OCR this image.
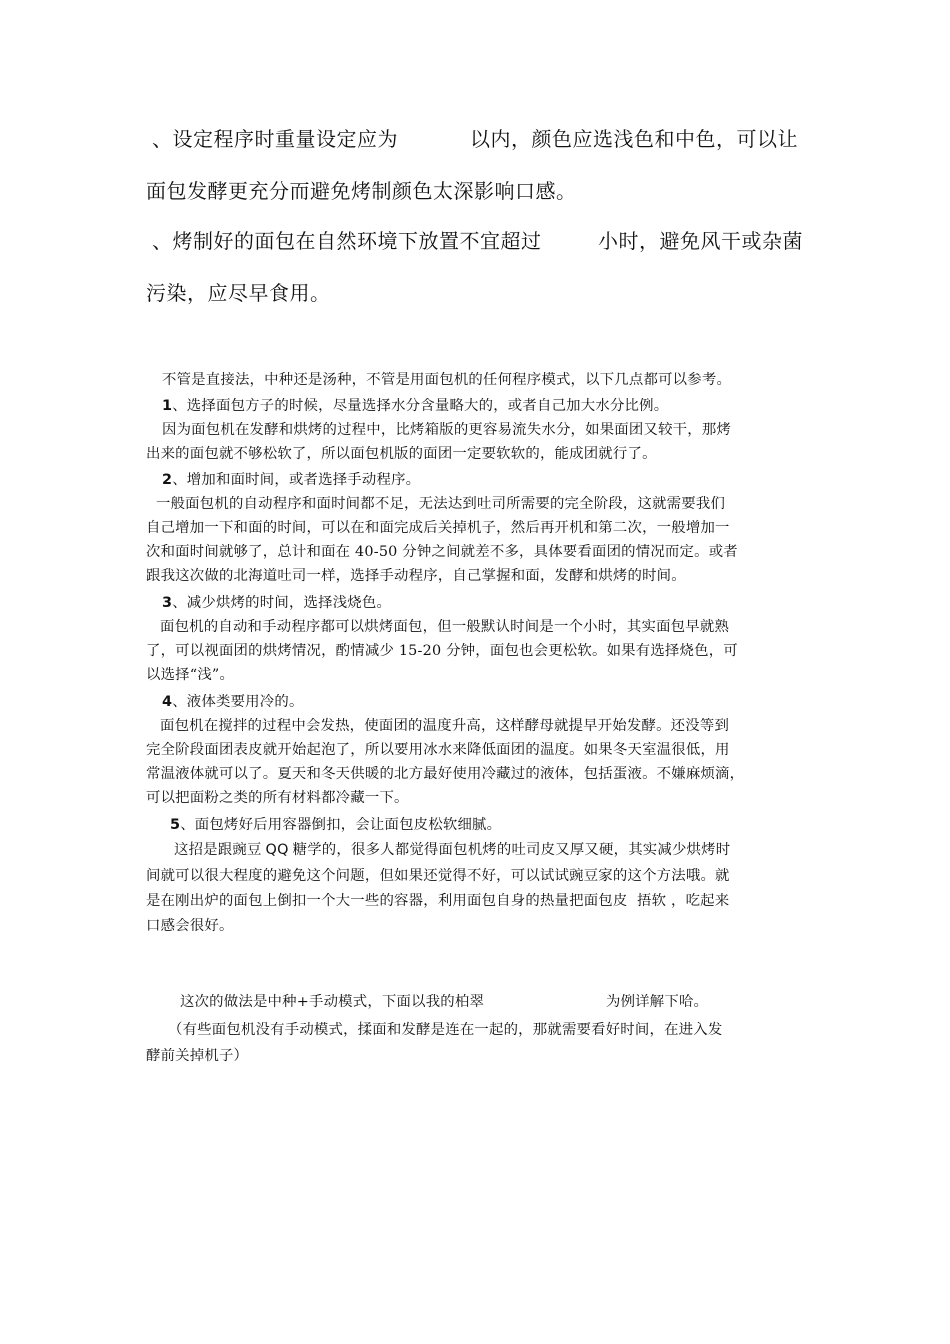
、设定程序时重量设定应为	以内，颜色应选浅色和中色，可以让
面包发酵更充分而避免烤制颜色太深影响口感。
、烤制好的面包在自然环境下放置不宜超过	小时，避免风干或杂菌
污染，应尽早食用。
不管是直接法，中种还是汤种，不管是用面包机的任何程序模式，以下几点都可以参考。
1、选择面包方子的时候，尽量选择水分含量略大的，或者自己加大水分比例。
因为面包机在发酵和烘烤的过程中，比烤箱版的更容易流失水分，如果面团又较干，那烤
出来的面包就不够松软了，所以面包机版的面团一定要软软的，能成团就行了。
2、增加和面时间，或者选择手动程序。
一般面包机的自动程序和面时间都不足，无法达到吐司所需要的完全阶段，这就需要我们
自己增加一下和面的时间，可以在和面完成后关掉机子，然后再开机和第二次，一般增加一
次和面时间就够了，总计和面在 40-50 分钟之间就差不多，具体要看面团的情况而定。或者
跟我这次做的北海道吐司一样，选择手动程序，自己掌握和面，发酵和烘烤的时间。
3、减少烘烤的时间，选择浅烧色。
面包机的自动和手动程序都可以烘烤面包，但一般默认时间是一个小时，其实面包早就熟
了，可以视面团的烘烤情况，酌情减少 15-20 分钟，面包也会更松软。如果有选择烧色，可
以选择“浅”。
4、液体类要用冷的。
面包机在搅拌的过程中会发热，使面团的温度升高，这样酵母就提早开始发酵。还没等到
完全阶段面团表皮就开始起泡了，所以要用冰水来降低面团的温度。如果冬天室温很低，用
常温液体就可以了。夏天和冬天供暖的北方最好使用冷藏过的液体，包括蛋液。不嫌麻烦滴，
可以把面粉之类的所有材料都冷藏一下。
5、面包烤好后用容器倒扣，会让面包皮松软细腻。
这招是跟豌豆 QQ 糖学的，很多人都觉得面包机烤的吐司皮又厚又硬，其实减少烘烤时
间就可以很大程度的避免这个问题，但如果还觉得不好，可以试试豌豆家的这个方法哦。就
是在刚出炉的面包上倒扣一个大一些的容器，利用面包自身的热量把面包皮  捂软 ，吃起来
口感会很好。
这次的做法是中种+手动模式，下面以我的柏翠	为例详解下哈。
（有些面包机没有手动模式，揉面和发酵是连在一起的，那就需要看好时间，在进入发
酵前关掉机子）
